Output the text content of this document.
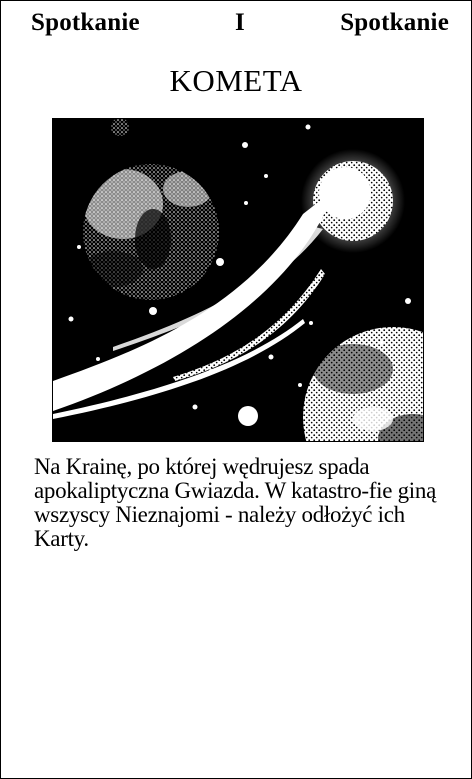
Spotkanie	I	Spotkanie
KOMETA
Na Krainę, po której wędrujesz spada apokaliptyczna Gwiazda. W katastro-fie giną wszyscy Nieznajomi - należy odłożyć ich Karty.
